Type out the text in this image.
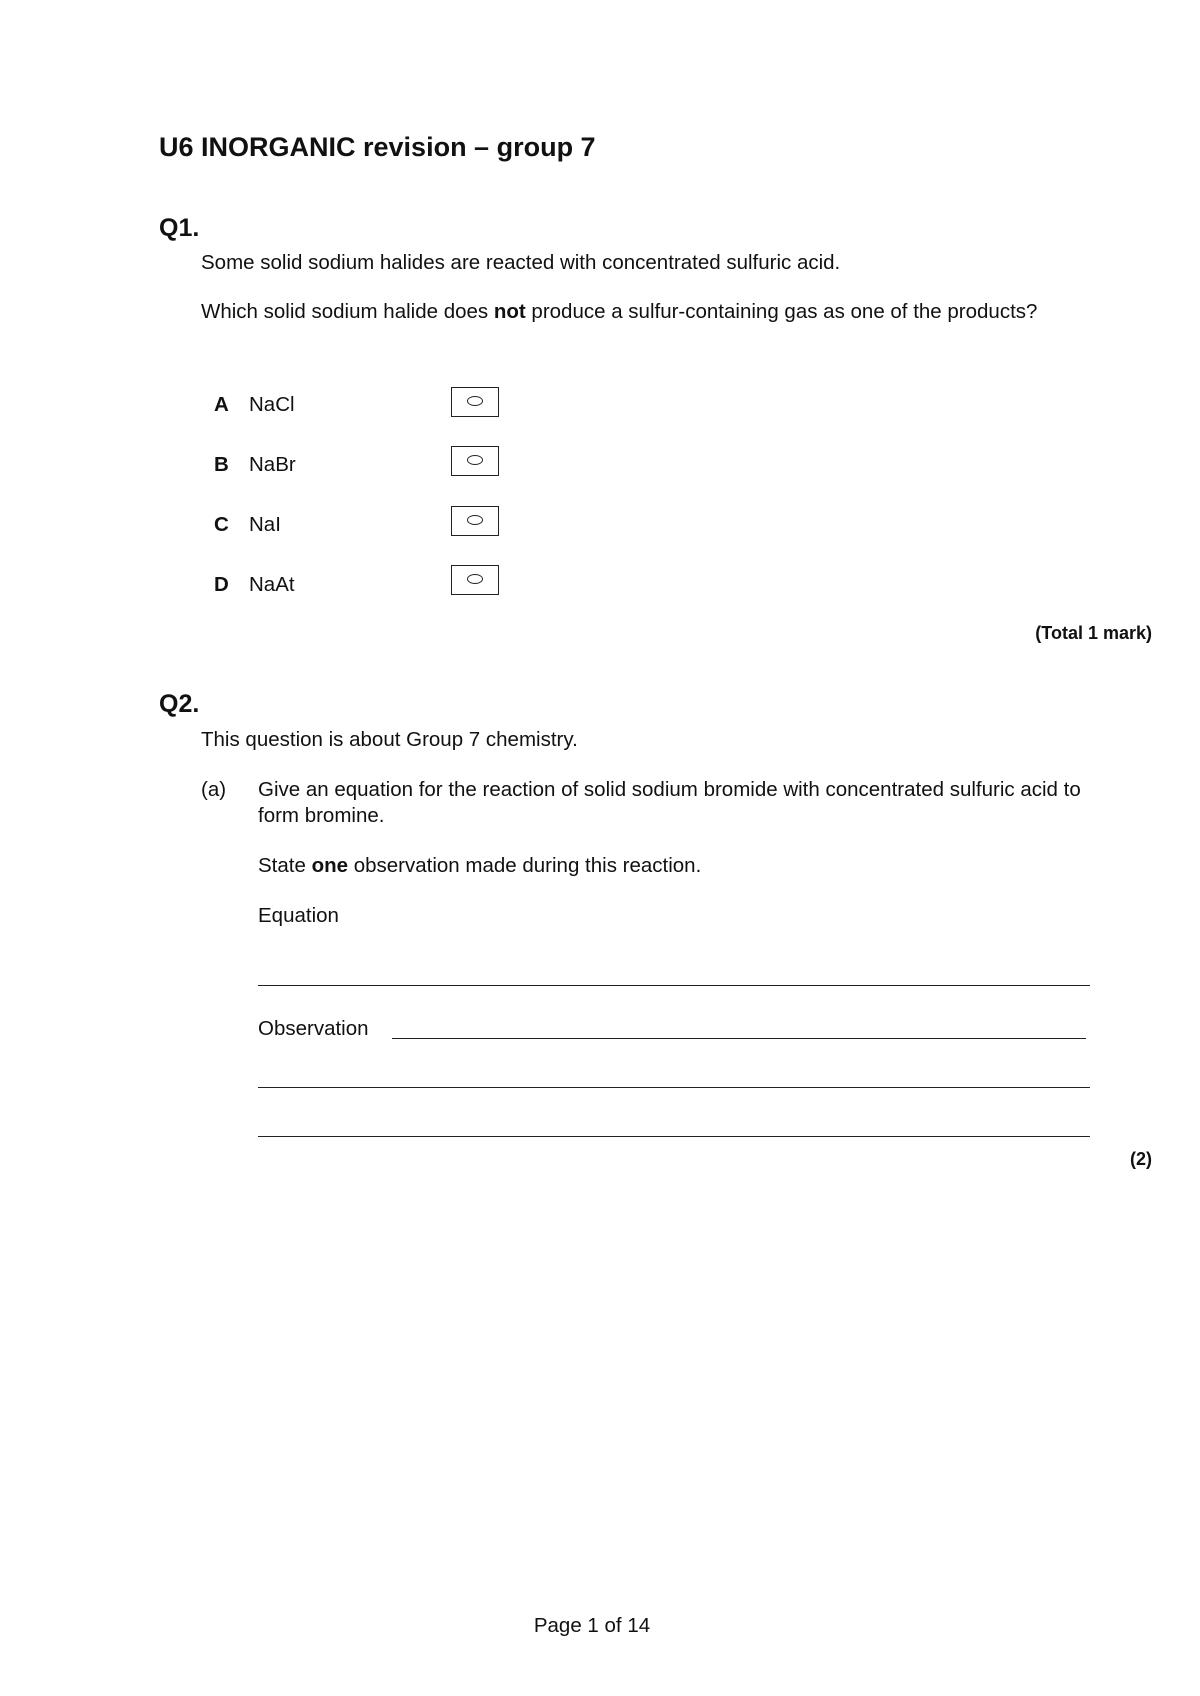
U6 INORGANIC revision – group 7
Q1.
Some solid sodium halides are reacted with concentrated sulfuric acid.
Which solid sodium halide does not produce a sulfur-containing gas as one of the products?
A NaCl
B NaBr
C NaI
D NaAt
(Total 1 mark)
Q2.
This question is about Group 7 chemistry.
(a) Give an equation for the reaction of solid sodium bromide with concentrated sulfuric acid to form bromine.
State one observation made during this reaction.
Equation
Observation
(2)
Page 1 of 14
